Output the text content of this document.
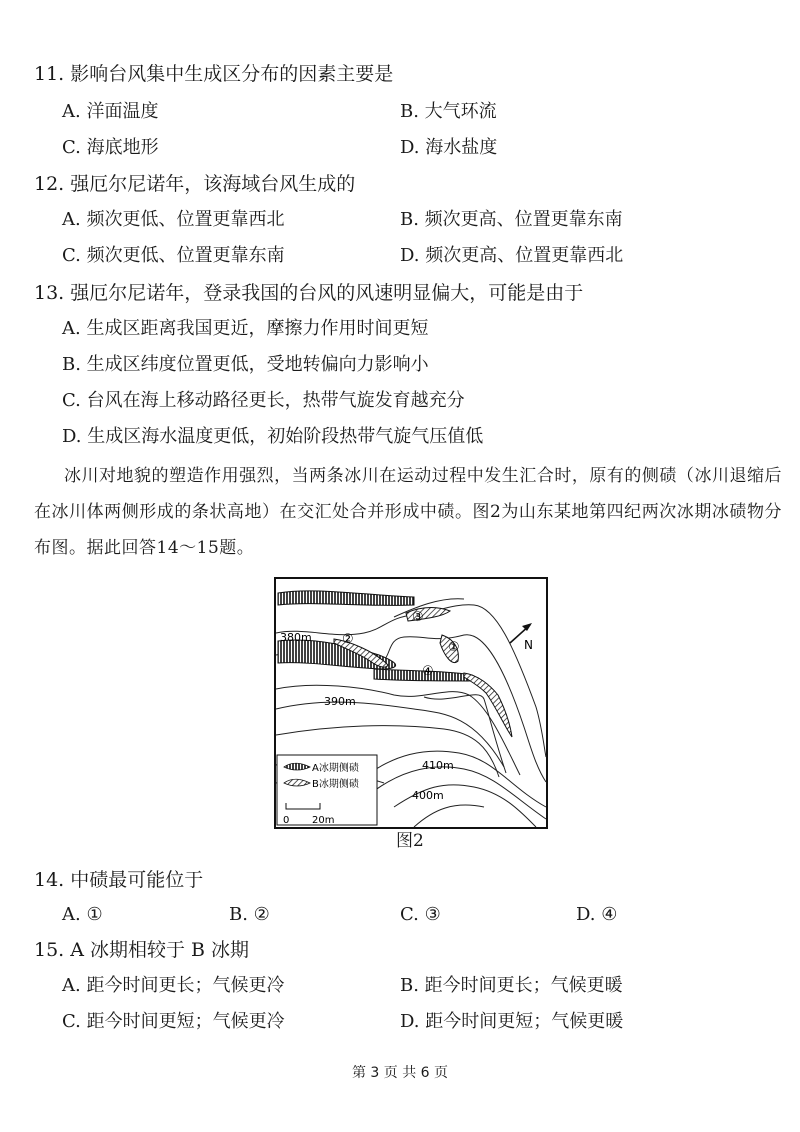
11. 影响台风集中生成区分布的因素主要是
A. 洋面温度	B. 大气环流
C. 海底地形	D. 海水盐度
12. 强厄尔尼诺年，该海域台风生成的
A. 频次更低、位置更靠西北	B. 频次更高、位置更靠东南
C. 频次更低、位置更靠东南	D. 频次更高、位置更靠西北
13. 强厄尔尼诺年，登录我国的台风的风速明显偏大，可能是由于
A. 生成区距离我国更近，摩擦力作用时间更短
B. 生成区纬度位置更低，受地转偏向力影响小
C. 台风在海上移动路径更长，热带气旋发育越充分
D. 生成区海水温度更低，初始阶段热带气旋气压值低

冰川对地貌的塑造作用强烈，当两条冰川在运动过程中发生汇合时，原有的侧碛（冰川退缩后在冰川体两侧形成的条状高地）在交汇处合并形成中碛。图2为山东某地第四纪两次冰期冰碛物分布图。据此回答14～15题。

380m
390m
410m
400m
①
②
③
④
N
A冰期侧碛
B冰期侧碛
0 20m
图2
14. 中碛最可能位于
A. ①	B. ②	C. ③	D. ④
15. A 冰期相较于 B 冰期
A. 距今时间更长；气候更冷	B. 距今时间更长；气候更暖
C. 距今时间更短；气候更冷	D. 距今时间更短；气候更暖
第 3 页 共 6 页
